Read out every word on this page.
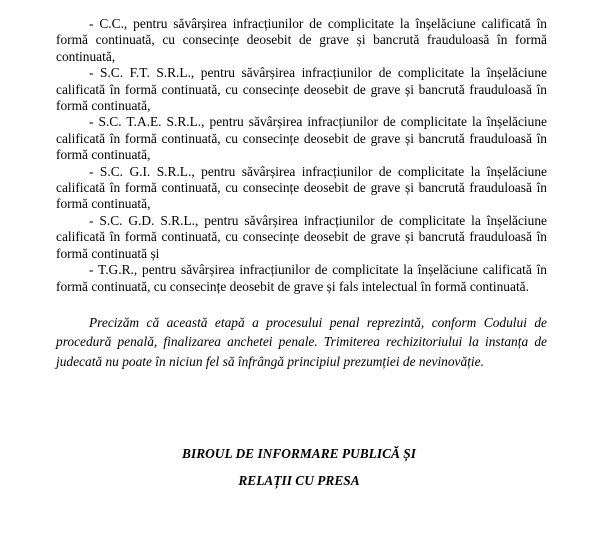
- C.C., pentru săvârșirea infracțiunilor de complicitate la înșelăciune calificată în formă continuată, cu consecințe deosebit de grave și bancrută frauduloasă în formă continuată,

- S.C. F.T. S.R.L., pentru săvârșirea infracțiunilor de complicitate la înșelăciune calificată în formă continuată, cu consecințe deosebit de grave și bancrută frauduloasă în formă continuată,

- S.C. T.A.E. S.R.L., pentru săvârșirea infracțiunilor de complicitate la înșelăciune calificată în formă continuată, cu consecințe deosebit de grave și bancrută frauduloasă în formă continuată,

- S.C. G.I. S.R.L., pentru săvârșirea infracțiunilor de complicitate la înșelăciune calificată în formă continuată, cu consecințe deosebit de grave și bancrută frauduloasă în formă continuată,

- S.C. G.D. S.R.L., pentru săvârșirea infracțiunilor de complicitate la înșelăciune calificată în formă continuată, cu consecințe deosebit de grave și bancrută frauduloasă în formă continuată și

- T.G.R., pentru săvârșirea infracțiunilor de complicitate la înșelăciune calificată în formă continuată, cu consecințe deosebit de grave și fals intelectual în formă continuată.

Precizăm că această etapă a procesului penal reprezintă, conform Codului de procedură penală, finalizarea anchetei penale. Trimiterea rechizitoriului la instanța de judecată nu poate în niciun fel să înfrângă principiul prezumției de nevinovăție.

BIROUL DE INFORMARE PUBLICĂ ȘI
RELAȚII CU PRESA
